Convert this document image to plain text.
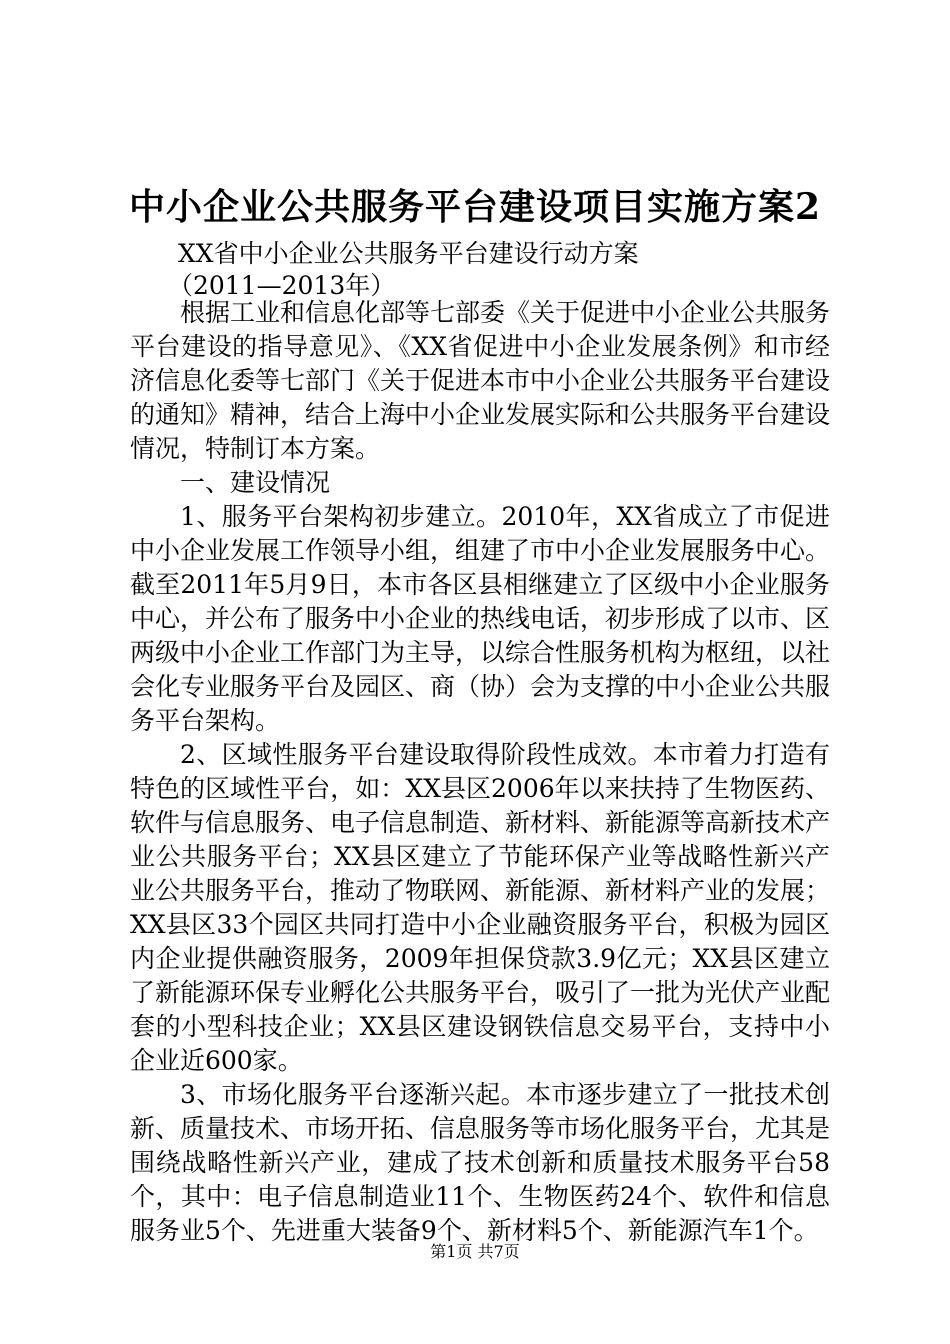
中小企业公共服务平台建设项目实施方案2

XX省中小企业公共服务平台建设行动方案

（2011—2013年）

根据工业和信息化部等七部委《关于促进中小企业公共服务平台建设的指导意见》、《XX省促进中小企业发展条例》和市经济信息化委等七部门《关于促进本市中小企业公共服务平台建设的通知》精神，结合上海中小企业发展实际和公共服务平台建设情况，特制订本方案。

一、建设情况

1、服务平台架构初步建立。2010年，XX省成立了市促进中小企业发展工作领导小组，组建了市中小企业发展服务中心。截至2011年5月9日，本市各区县相继建立了区级中小企业服务中心，并公布了服务中小企业的热线电话，初步形成了以市、区两级中小企业工作部门为主导，以综合性服务机构为枢纽，以社会化专业服务平台及园区、商（协）会为支撑的中小企业公共服务平台架构。

2、区域性服务平台建设取得阶段性成效。本市着力打造有特色的区域性平台，如：XX县区2006年以来扶持了生物医药、软件与信息服务、电子信息制造、新材料、新能源等高新技术产业公共服务平台；XX县区建立了节能环保产业等战略性新兴产业公共服务平台，推动了物联网、新能源、新材料产业的发展；XX县区33个园区共同打造中小企业融资服务平台，积极为园区内企业提供融资服务，2009年担保贷款3.9亿元；XX县区建立了新能源环保专业孵化公共服务平台，吸引了一批为光伏产业配套的小型科技企业；XX县区建设钢铁信息交易平台，支持中小企业近600家。

3、市场化服务平台逐渐兴起。本市逐步建立了一批技术创新、质量技术、市场开拓、信息服务等市场化服务平台，尤其是围绕战略性新兴产业，建成了技术创新和质量技术服务平台58个，其中：电子信息制造业11个、生物医药24个、软件和信息服务业5个、先进重大装备9个、新材料5个、新能源汽车1个。

第1页 共7页
